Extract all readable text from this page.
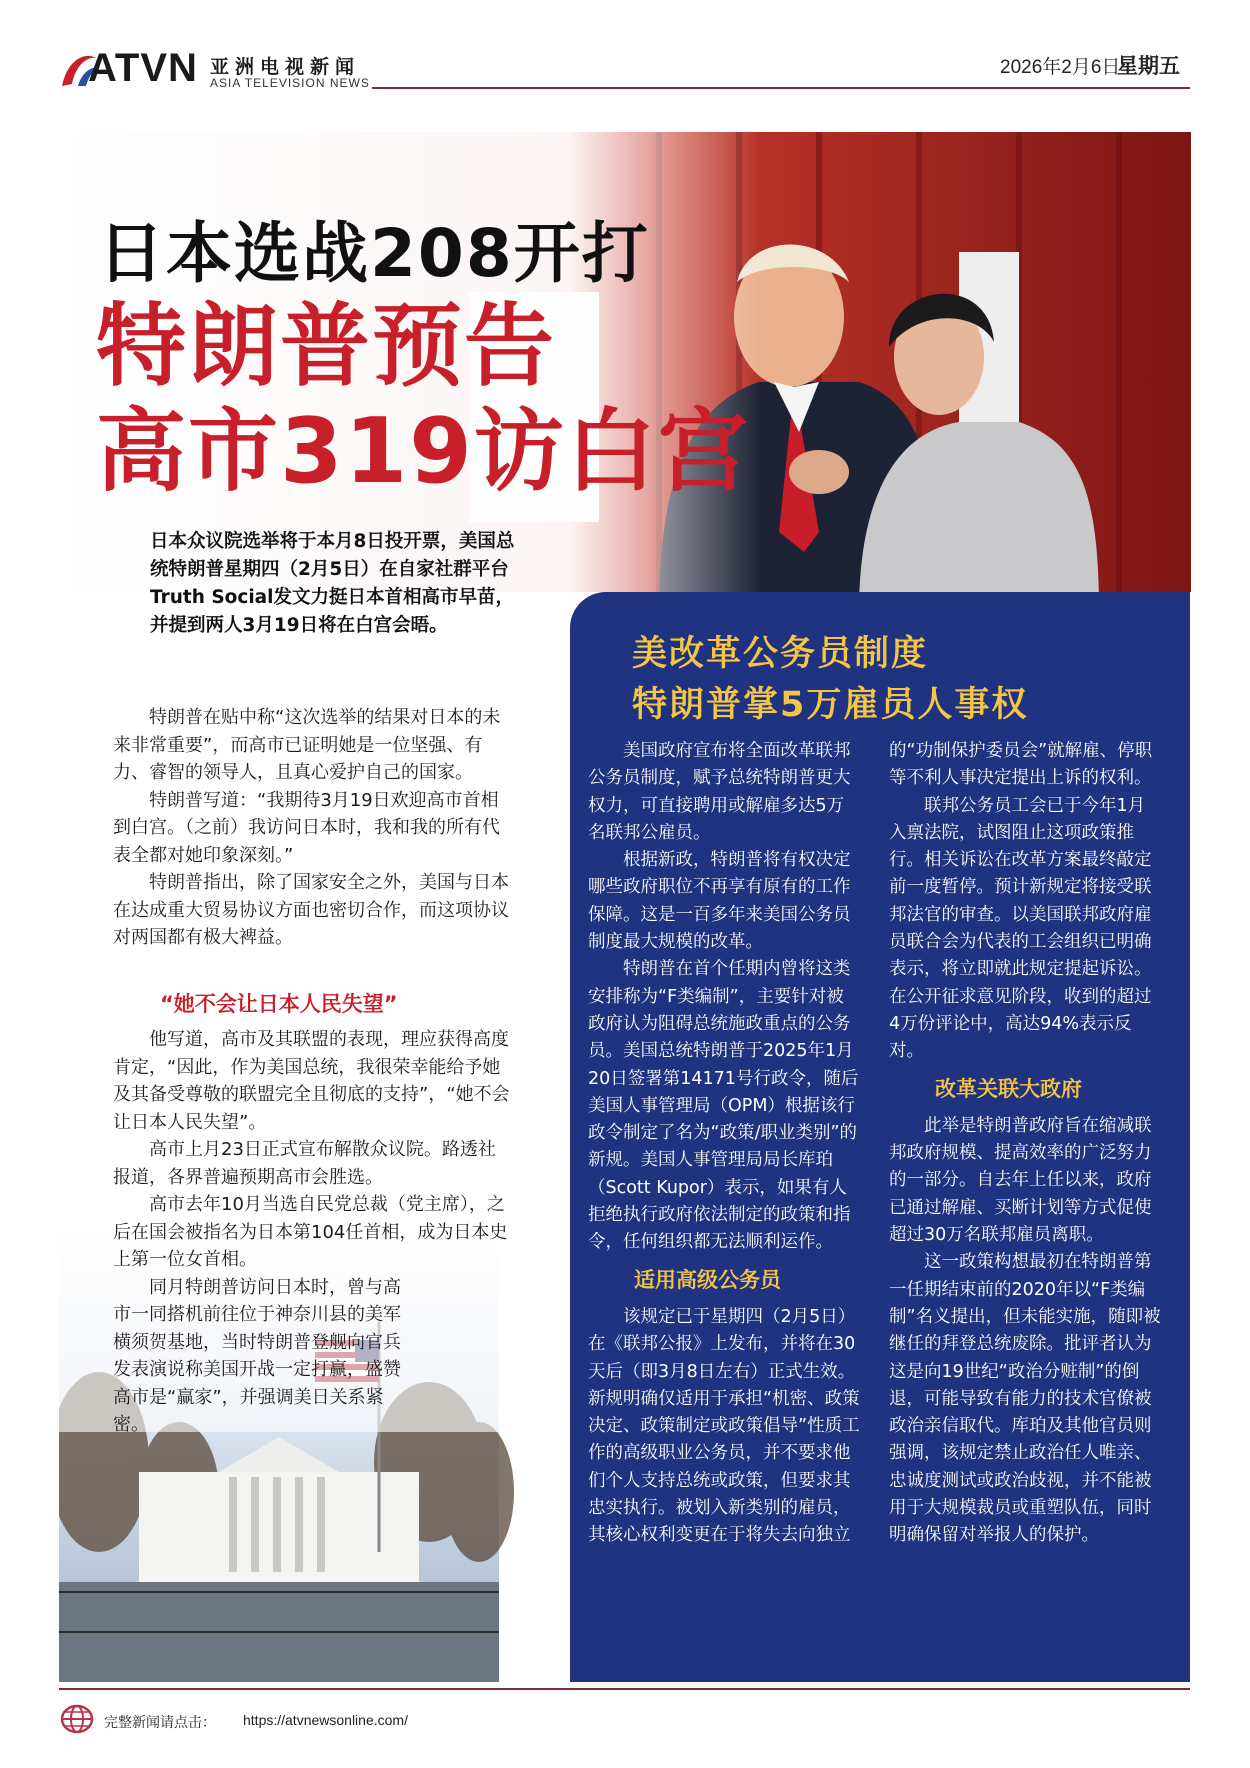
ATVN 亚洲电视新闻
ASIA TELEVISION NEWS
2026年2月6日
星期五
日本选战208开打
特朗普预告
高市319访白宫
日本众议院选举将于本月8日投开票，美国总统特朗普星期四（2月5日）在自家社群平台Truth Social发文力挺日本首相高市早苗，并提到两人3月19日将在白宫会晤。

特朗普在贴中称“这次选举的结果对日本的未来非常重要”，而高市已证明她是一位坚强、有力、睿智的领导人，且真心爱护自己的国家。

特朗普写道：“我期待3月19日欢迎高市首相到白宫。（之前）我访问日本时，我和我的所有代表全都对她印象深刻。”

特朗普指出，除了国家安全之外，美国与日本在达成重大贸易协议方面也密切合作，而这项协议对两国都有极大裨益。

“她不会让日本人民失望”

他写道，高市及其联盟的表现，理应获得高度肯定，“因此，作为美国总统，我很荣幸能给予她及其备受尊敬的联盟完全且彻底的支持”，“她不会让日本人民失望”。

高市上月23日正式宣布解散众议院。路透社报道，各界普遍预期高市会胜选。

高市去年10月当选自民党总裁（党主席），之后在国会被指名为日本第104任首相，成为日本史上第一位女首相。

同月特朗普访问日本时，曾与高市一同搭机前往位于神奈川县的美军横须贺基地，当时特朗普登舰向官兵发表演说称美国开战一定打赢，盛赞高市是“赢家”，并强调美日关系紧密。

美改革公务员制度
特朗普掌5万雇员人事权

美国政府宣布将全面改革联邦公务员制度，赋予总统特朗普更大权力，可直接聘用或解雇多达5万名联邦公雇员。

根据新政，特朗普将有权决定哪些政府职位不再享有原有的工作保障。这是一百多年来美国公务员制度最大规模的改革。

特朗普在首个任期内曾将这类安排称为“F类编制”，主要针对被政府认为阻碍总统施政重点的公务员。美国总统特朗普于2025年1月20日签署第14171号行政令，随后美国人事管理局（OPM）根据该行政令制定了名为“政策/职业类别”的新规。美国人事管理局局长库珀（Scott Kupor）表示，如果有人拒绝执行政府依法制定的政策和指令，任何组织都无法顺利运作。

适用高级公务员

该规定已于星期四（2月5日）在《联邦公报》上发布，并将在30天后（即3月8日左右）正式生效。新规明确仅适用于承担“机密、政策决定、政策制定或政策倡导”性质工作的高级职业公务员，并不要求他们个人支持总统或政策，但要求其忠实执行。被划入新类别的雇员，其核心权利变更在于将失去向独立

的“功制保护委员会”就解雇、停职等不利人事决定提出上诉的权利。

联邦公务员工会已于今年1月入禀法院，试图阻止这项政策推行。相关诉讼在改革方案最终敲定前一度暂停。预计新规定将接受联邦法官的审查。以美国联邦政府雇员联合会为代表的工会组织已明确表示，将立即就此规定提起诉讼。在公开征求意见阶段，收到的超过4万份评论中，高达94%表示反对。

改革关联大政府

此举是特朗普政府旨在缩减联邦政府规模、提高效率的广泛努力的一部分。自去年上任以来，政府已通过解雇、买断计划等方式促使超过30万名联邦雇员离职。

这一政策构想最初在特朗普第一任期结束前的2020年以“F类编制”名义提出，但未能实施，随即被继任的拜登总统废除。批评者认为这是向19世纪“政治分赃制”的倒退，可能导致有能力的技术官僚被政治亲信取代。库珀及其他官员则强调，该规定禁止政治任人唯亲、忠诚度测试或政治歧视，并不能被用于大规模裁员或重塑队伍，同时明确保留对举报人的保护。

完整新闻请点击： https://atvnewsonline.com/
